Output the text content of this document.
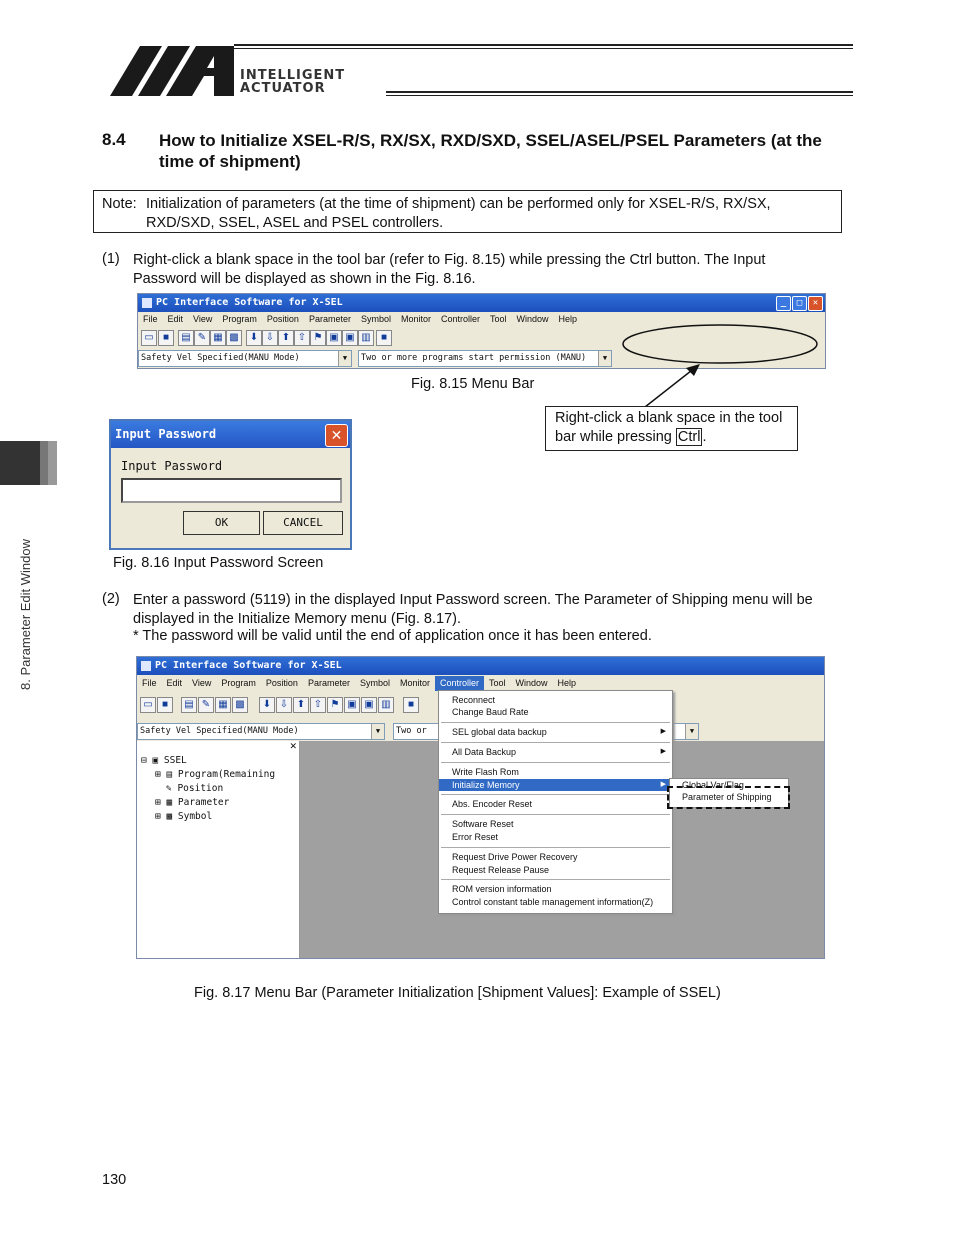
INTELLIGENT
ACTUATOR
8. Parameter Edit Window
8.4 How to Initialize XSEL-R/S, RX/SX, RXD/SXD, SSEL/ASEL/PSEL Parameters (at the time of shipment)
Note: Initialization of parameters (at the time of shipment) can be performed only for XSEL-R/S, RX/SX, RXD/SXD, SSEL, ASEL and PSEL controllers.
(1) Right-click a blank space in the tool bar (refer to Fig. 8.15) while pressing the Ctrl button. The Input Password will be displayed as shown in the Fig. 8.16.
PC Interface Software for X-SEL	_	□	✕
File Edit View Program Position Parameter Symbol Monitor Controller Tool Window Help
▭ ■	▤ ✎ ▦ ▩	⬇ ⇩ ⬆ ⇧ ⚑ ▣ ▣ ▥	■
Safety Vel Specified(MANU Mode)	▼	Two or more programs start permission (MANU)	▼
Fig. 8.15 Menu Bar
Right-click a blank space in the tool bar while pressing Ctrl .
Input Password	✕
Input Password
OK	CANCEL
Fig. 8.16 Input Password Screen
(2) Enter a password (5119) in the displayed Input Password screen. The Parameter of Shipping menu will be displayed in the Initialize Memory menu (Fig. 8.17).
* The password will be valid until the end of application once it has been entered.
PC Interface Software for X-SEL
File Edit View Program Position Parameter Symbol Monitor Controller Tool Window Help
▭ ■	▤ ✎ ▦ ▩	⬇ ⇩ ⬆ ⇧ ⚑ ▣ ▣ ▥	■
Safety Vel Specified(MANU Mode)	▼	Two or	▼
✕
⊟ ▣ SSEL
⊞ ▤ Program(Remaining
✎ Position
⊞ ▦ Parameter
⊞ ▩ Symbol
Reconnect
Change Baud Rate
SEL global data backup	▶
All Data Backup	▶
Write Flash Rom
Initialize Memory	▶
Abs. Encoder Reset
Software Reset
Error Reset
Request Drive Power Recovery
Request Release Pause
ROM version information
Control constant table management information(Z)
Global Var/Flag
Parameter of Shipping
Fig. 8.17 Menu Bar (Parameter Initialization [Shipment Values]: Example of SSEL)
130
